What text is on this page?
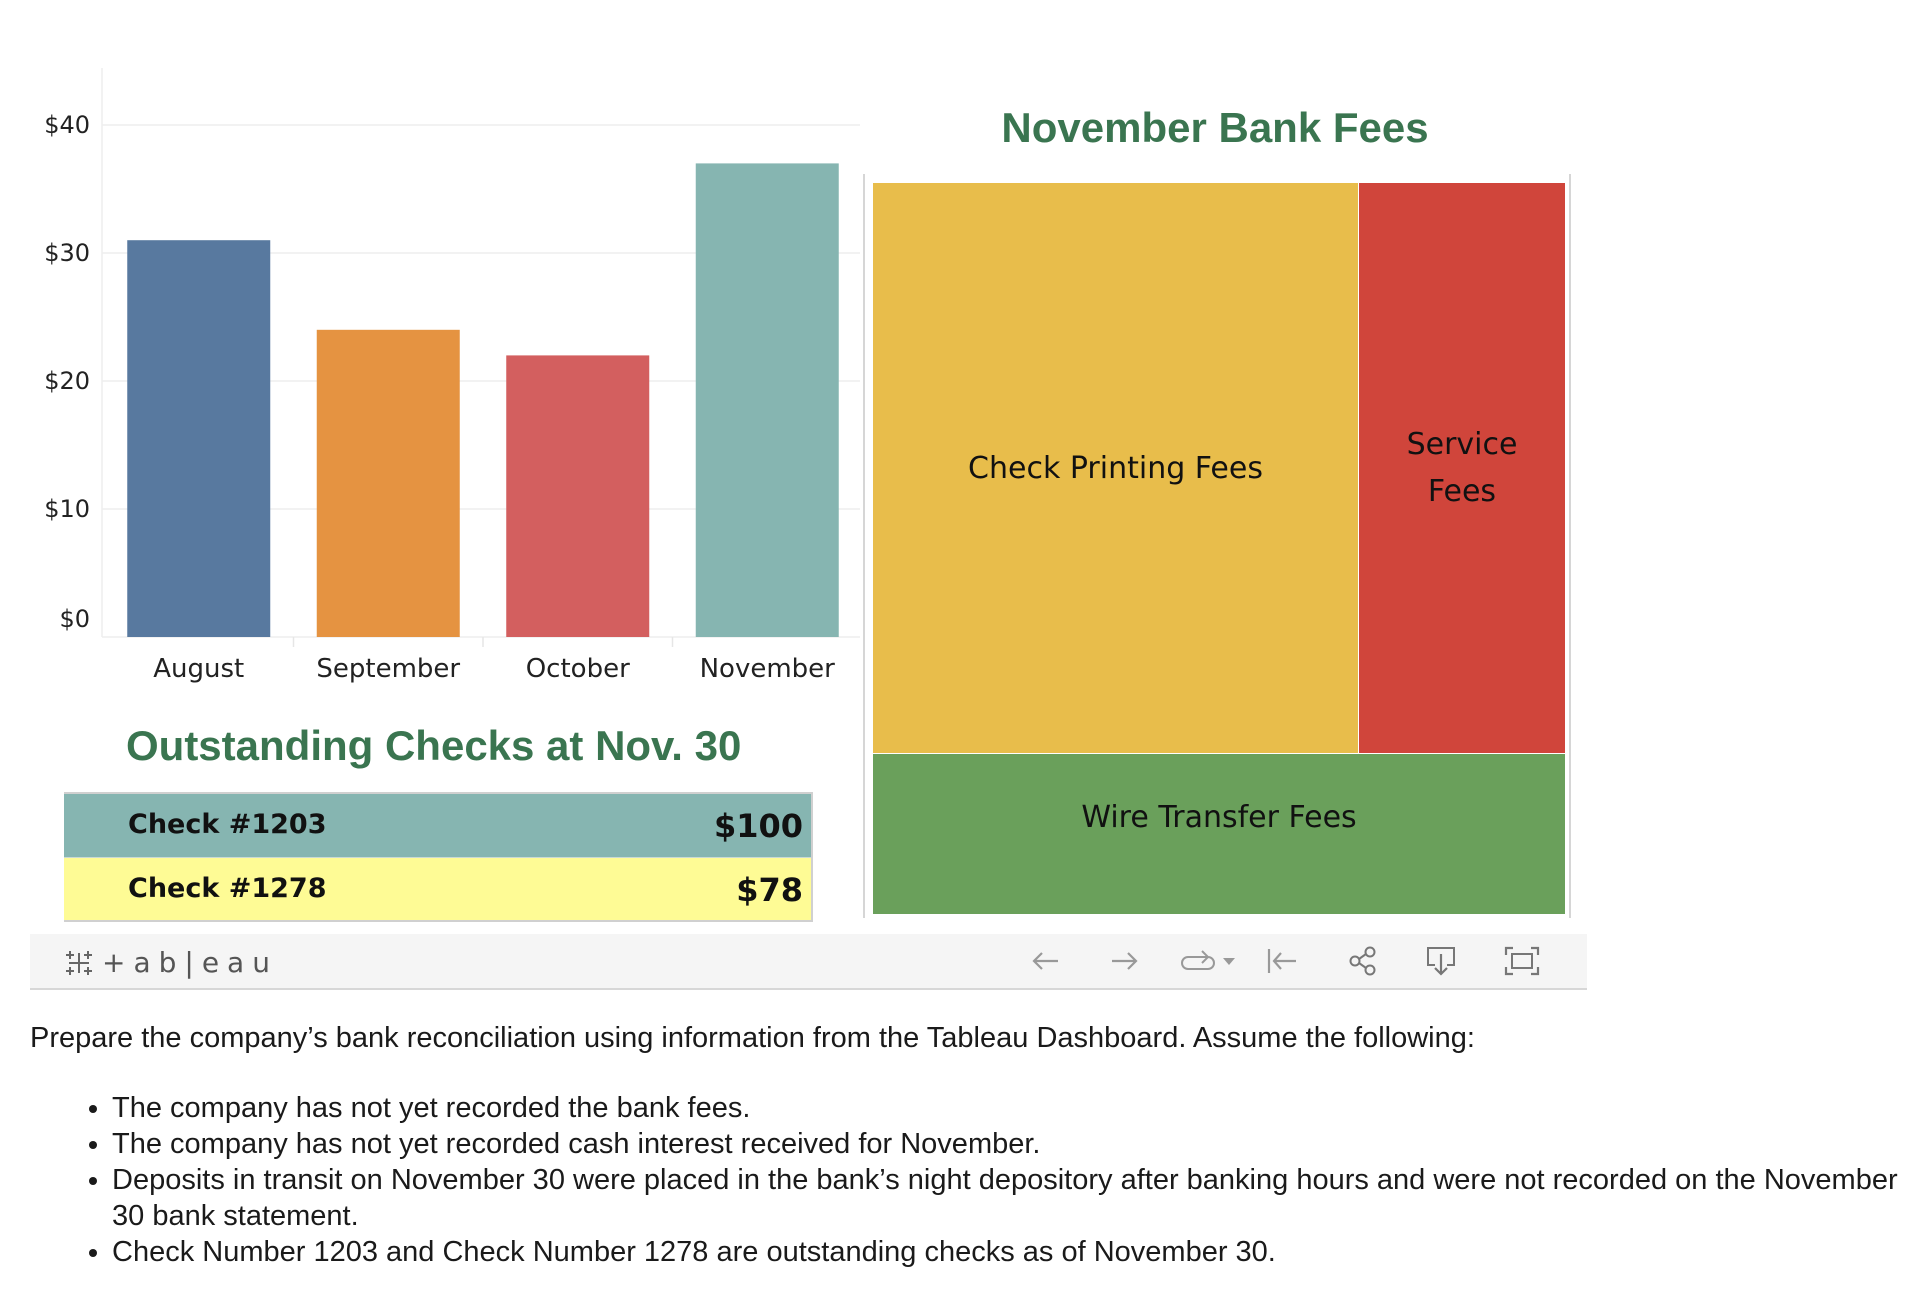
$0
$10
$20
$30
$40
August	September	October	November
Outstanding Checks at Nov. 30
Check #1203	$100
Check #1278	$78
November Bank Fees
Check Printing Fees
Service
Fees
Wire Transfer Fees
+ab|eau

Prepare the company’s bank reconciliation using information from the Tableau Dashboard. Assume the following:

• The company has not yet recorded the bank fees.
• The company has not yet recorded cash interest received for November.
• Deposits in transit on November 30 were placed in the bank’s night depository after banking hours and were not recorded on the November 30 bank statement.
• Check Number 1203 and Check Number 1278 are outstanding checks as of November 30.
